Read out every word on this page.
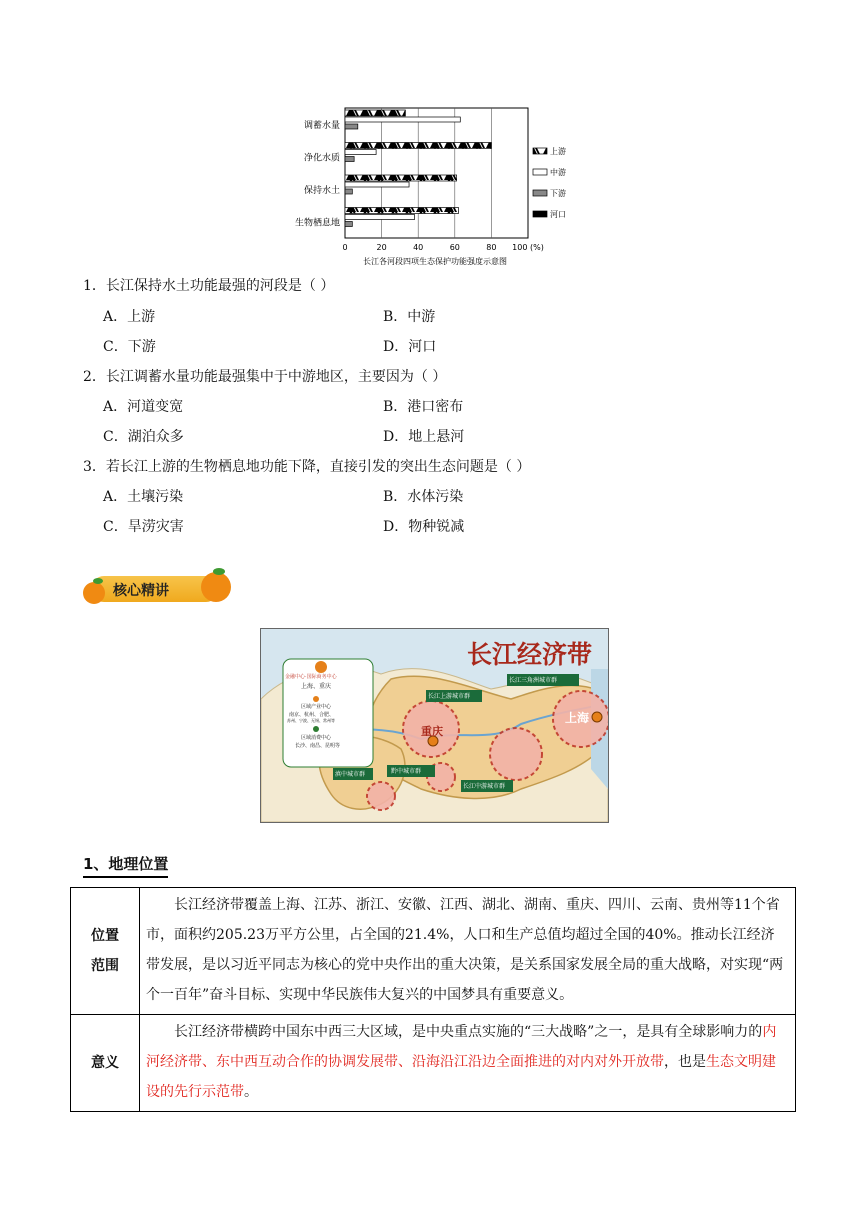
0	20	40	60	80 100 (%)
调蓄水量
净化水质
保持水土
生物栖息地
长江各河段四项生态保护功能强度示意图
上游
中游
下游
河口
1．长江保持水土功能最强的河段是（ ）
A．上游	B．中游
C．下游	D．河口
2．长江调蓄水量功能最强集中于中游地区，主要因为（ ）
A．河道变宽	B．港口密布
C．湖泊众多	D．地上悬河
3．若长江上游的生物栖息地功能下降，直接引发的突出生态问题是（ ）
A．土壤污染	B．水体污染
C．旱涝灾害	D．物种锐减
核心精讲
长江经济带
金融中心·国际商务中心
上海、重庆
区域产业中心
南京、杭州、合肥、
苏州、宁波、无锡、常州等
区域消费中心
长沙、南昌、昆明等
上海
重庆
长江上游城市群
长江三角洲城市群
长江中游城市群
黔中城市群
滇中城市群
1、地理位置
位置
范围	长江经济带覆盖上海、江苏、浙江、安徽、江西、湖北、湖南、重庆、四川、云南、贵州等11个省市，面积约205.23万平方公里，占全国的21.4%，人口和生产总值均超过全国的40%。推动长江经济带发展，是以习近平同志为核心的党中央作出的重大决策，是关系国家发展全局的重大战略，对实现“两个一百年”奋斗目标、实现中华民族伟大复兴的中国梦具有重要意义。
意义	长江经济带横跨中国东中西三大区域，是中央重点实施的“三大战略”之一，是具有全球影响力的内河经济带、东中西互动合作的协调发展带、沿海沿江沿边全面推进的对内对外开放带，也是生态文明建设的先行示范带。
